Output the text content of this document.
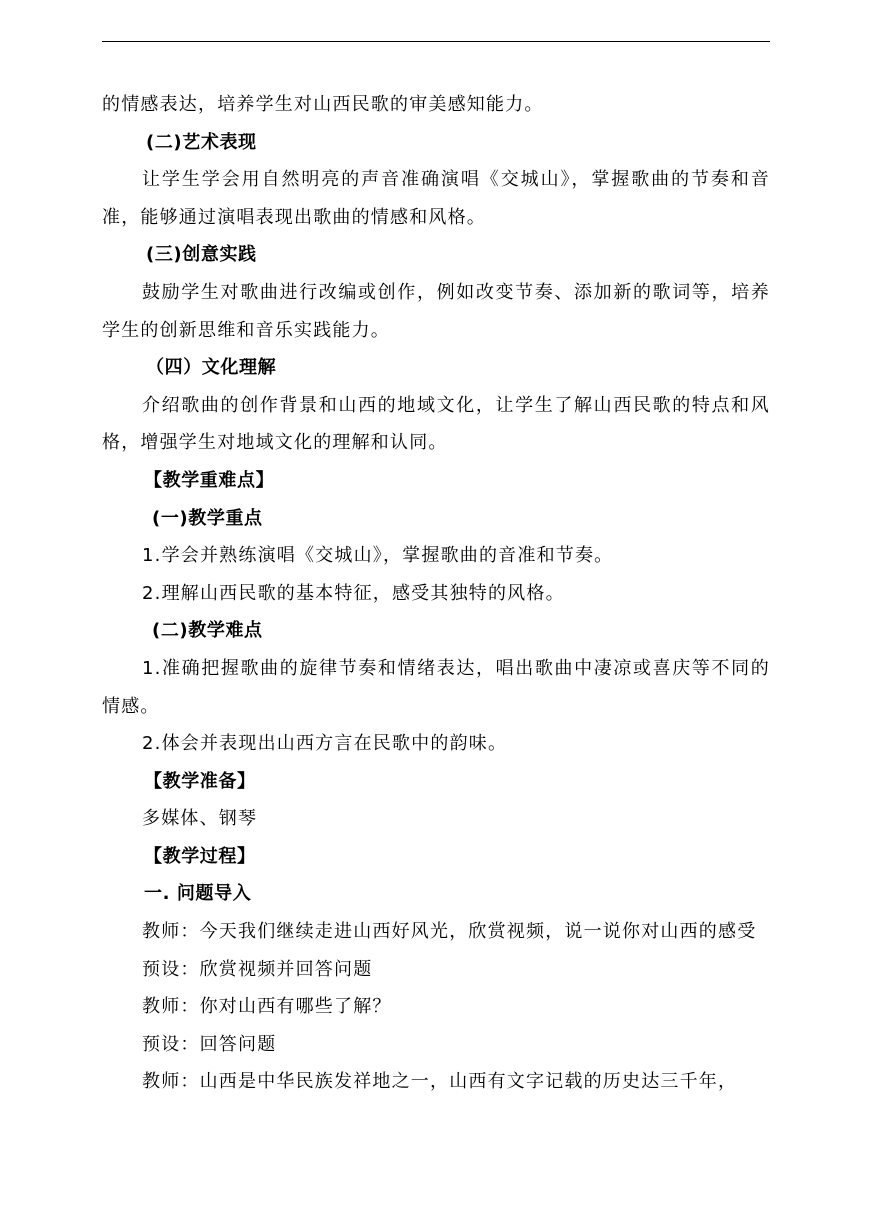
的情感表达，培养学生对山西民歌的审美感知能力。

(二)艺术表现

让学生学会用自然明亮的声音准确演唱《交城山》，掌握歌曲的节奏和音准，能够通过演唱表现出歌曲的情感和风格。

(三)创意实践

鼓励学生对歌曲进行改编或创作，例如改变节奏、添加新的歌词等，培养学生的创新思维和音乐实践能力。

（四）文化理解

介绍歌曲的创作背景和山西的地域文化，让学生了解山西民歌的特点和风格，增强学生对地域文化的理解和认同。

【教学重难点】

(一)教学重点

1.学会并熟练演唱《交城山》，掌握歌曲的音准和节奏。

2.理解山西民歌的基本特征，感受其独特的风格。

(二)教学难点

1.准确把握歌曲的旋律节奏和情绪表达，唱出歌曲中凄凉或喜庆等不同的情感。

2.体会并表现出山西方言在民歌中的韵味。

【教学准备】

多媒体、钢琴

【教学过程】

一. 问题导入

教师：今天我们继续走进山西好风光，欣赏视频，说一说你对山西的感受

预设：欣赏视频并回答问题

教师：你对山西有哪些了解？

预设：回答问题

教师：山西是中华民族发祥地之一，山西有文字记载的历史达三千年，
